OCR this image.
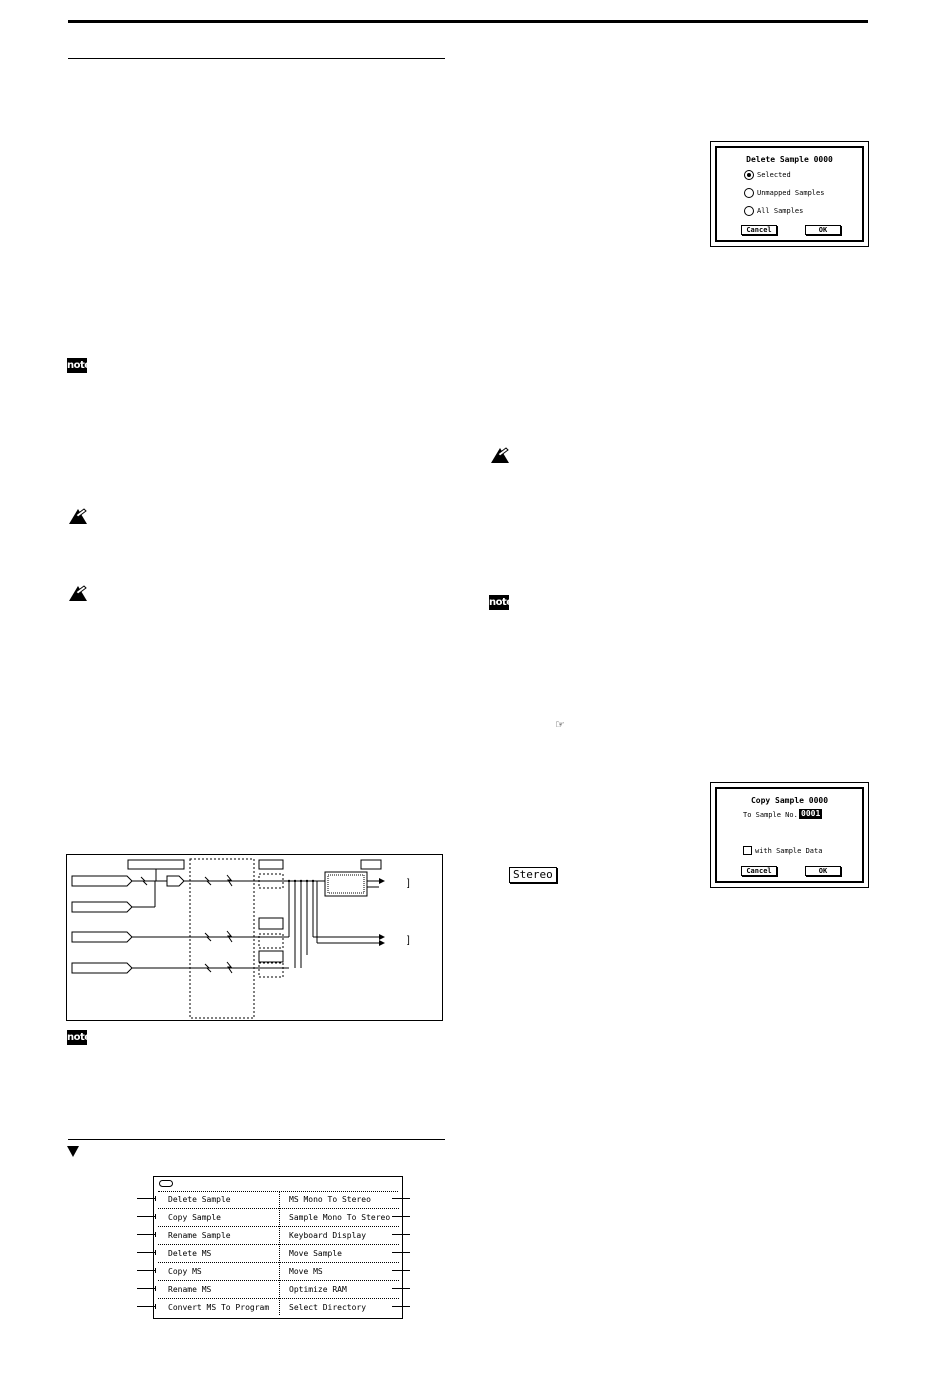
note
note
note
Delete Sample 0000
Selected
Unmapped Samples
All Samples
Cancel	OK
☞
Copy Sample 0000
To Sample No. 0001
with Sample Data
Cancel	OK
Stereo
]
]
Delete Sample
Copy Sample
Rename Sample
Delete MS
Copy MS
Rename MS
Convert MS To Program
MS Mono To Stereo
Sample Mono To Stereo
Keyboard Display
Move Sample
Move MS
Optimize RAM
Select Directory
